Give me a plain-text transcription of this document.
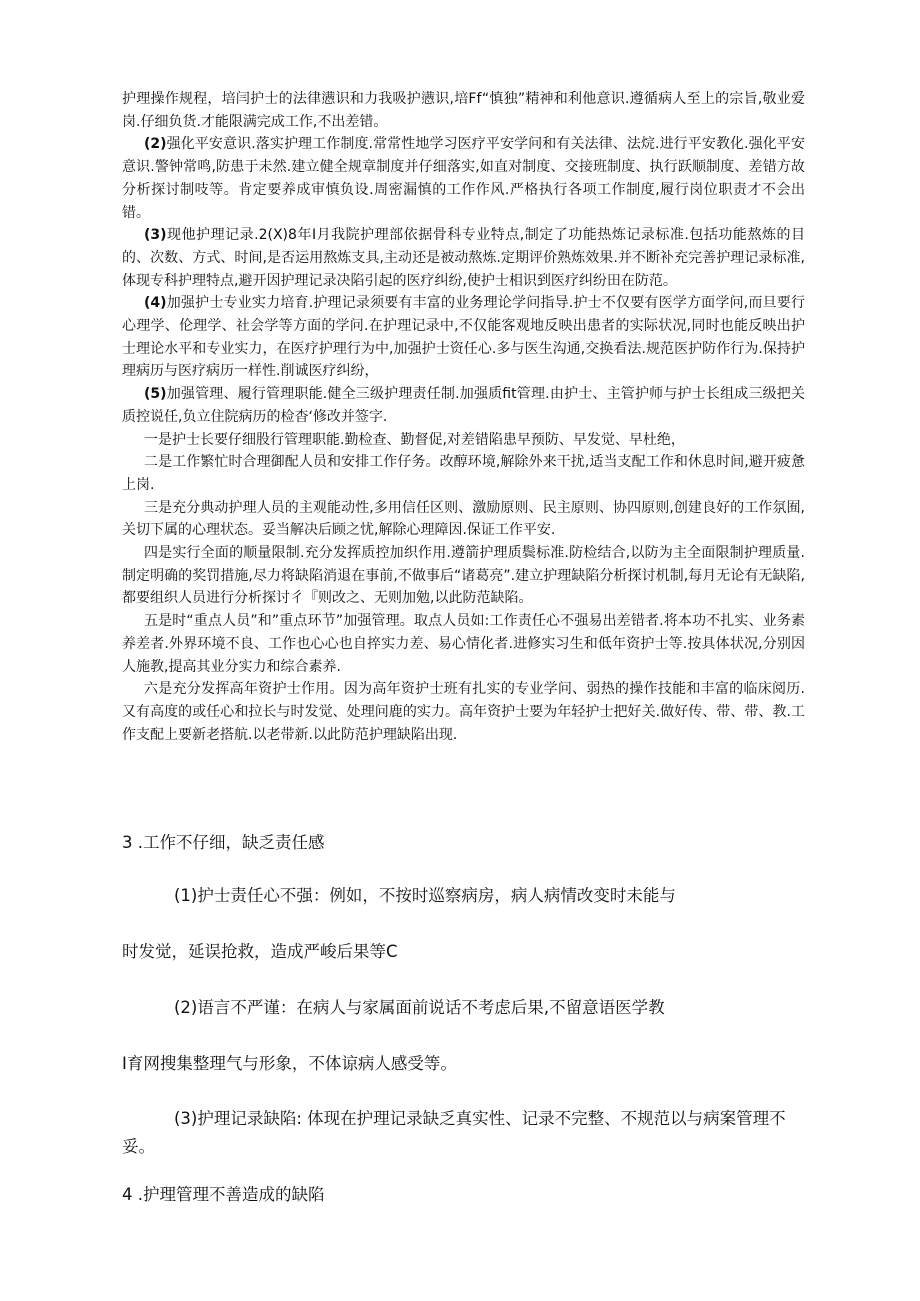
护理操作规程，培闫护士的法律懑识和力我吸护懑识,培Ff“慎独”精神和利他意识.遵循病人至上的宗旨,敬业爱岗.仔细负货.才能限满完成工作,不出差错。

(2)强化平安意识.落实护理工作制度.常常性地学习医疗平安学问和有关法律、法烷.进行平安教化.强化平安意识.警钟常鸣,防患于未然.建立健全规章制度并仔细落实,如直对制度、交接班制度、执行跃顺制度、差错方故分析探讨制吱等。肯定要养成审慎负设.周密漏慎的工作作风.严格执行各项工作制度,履行岗位职责才不会出错。

(3)现他护理记录.2(X)8年I月我院护理部依据骨科专业特点,制定了功能热炼记录标准.包括功能熬炼的目的、次数、方式、时间,是否运用熬炼支具,主动还是被动熬炼.定期评价熟炼效果.并不断补充完善护理记录标准,体现专科护理特点,避开因护理记录决陷引起的医疗纠纷,使护士相识到医疗纠纷田在防范。

(4)加强护士专业实力培育.护理记录须要有丰富的业务理论学问指导.护士不仅要有医学方面学问,而旦要行心理学、伦理学、社会学等方面的学问.在护理记录中,不仅能客观地反映出患者的实际状况,同时也能反映出护士理论水平和专业实力，在医疗护理行为中,加强护士资任心.多与医生沟通,交换看法.规范医护防作行为.保持护理病历与医疗病历一样性.削诚医疗纠纷，

(5)加强管理、履行管理职能.健全三级护理责任制.加强质fit管理.由护士、主管护师与护士长组成三级把关质控说任,负立住院病历的检杳‘修改并签字.

一是护士长要仔细股行管理职能.勤检查、勤督促,对差错陷患早预防、早发觉、早杜绝，

二是工作繁忙时合理御配人员和安排工作仔务。改醇环境,解除外来干扰,适当支配工作和休息时间,避开疲惫上岗.

三是充分典动护理人员的主观能动性,多用信任区则、激励原则、民主原则、协四原则,创建良好的工作氛囿,关切下属的心理状态。妥当解决后顾之忧,解除心理障因.保证工作平安.

四是实行全面的顺量限制.充分发挥质控加织作用.遵箭护理质鬓标准.防检结合,以防为主全面限制护理质量.制定明确的奖罚措施,尽力将缺陷消退在事前,不做事后“诸葛亮”.建立护理缺陷分析探讨机制,每月无论有无缺陷,都要组织人员进行分析探讨彳『则改之、无则加勉,以此防范缺陷。

五是时“重点人员”和”重点环节”加强管理。取点人员如:工作责任心不强易出差错者.将本功不扎实、业务素养差者.外界环境不良、工作也心心也自捽实力差、易心情化者.进修实习生和低年资护士等.按具体状况,分别因人施教,提高其业分实力和综合素养.

六是充分发挥高年资护士作用。因为高年资护士班有扎实的专业学问、弱热的操作技能和丰富的临床阅历.又有高度的或任心和拉长与时发觉、处理问鹿的实力。高年资护士要为年轻护士把好关.做好传、带、带、教.工作支配上要新老搭航.以老带新.以此防范护理缺陷出现.

3 .工作不仔细，缺乏责任感
(1)护士责任心不强：例如，不按时巡察病房，病人病情改变时未能与
时发觉，延误抢救，造成严峻后果等C
(2)语言不严谨：在病人与家属面前说话不考虑后果,不留意语医学教
I育网搜集整理气与形象，不体谅病人感受等。
(3)护理记录缺陷: 体现在护理记录缺乏真实性、记录不完整、不规范以与病案管理不妥。
4 .护理管理不善造成的缺陷
